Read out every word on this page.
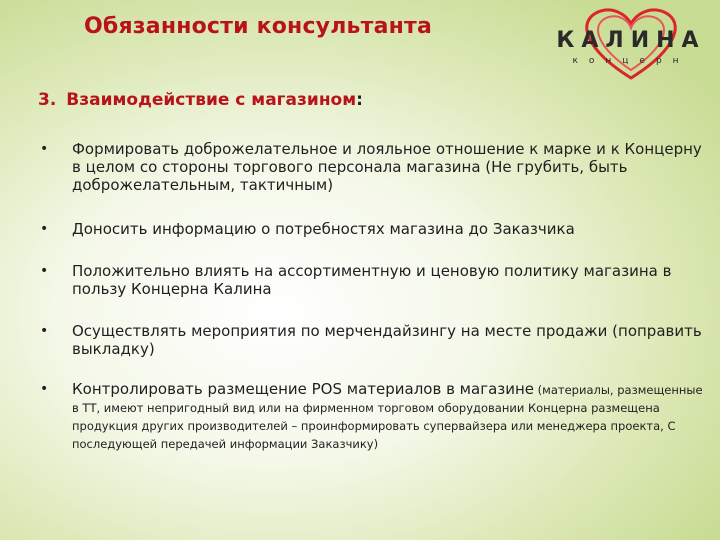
Обязанности консультанта
КАЛИНА
концерн
3. Взаимодействие с магазином:
•	Формировать доброжелательное и лояльное отношение к марке и к Концерну в целом со стороны торгового персонала магазина (Не грубить, быть доброжелательным, тактичным)
•	Доносить информацию о потребностях магазина до Заказчика
•	Положительно влиять на ассортиментную и ценовую политику магазина в пользу Концерна Калина
•	Осуществлять мероприятия по мерчендайзингу на месте продажи (поправить выкладку)
•	Контролировать размещение POS материалов в магазине (материалы, размещенные в ТТ, имеют непригодный вид или на фирменном торговом оборудовании Концерна размещена продукция других производителей – проинформировать супервайзера или менеджера проекта, С последующей передачей информации Заказчику)
